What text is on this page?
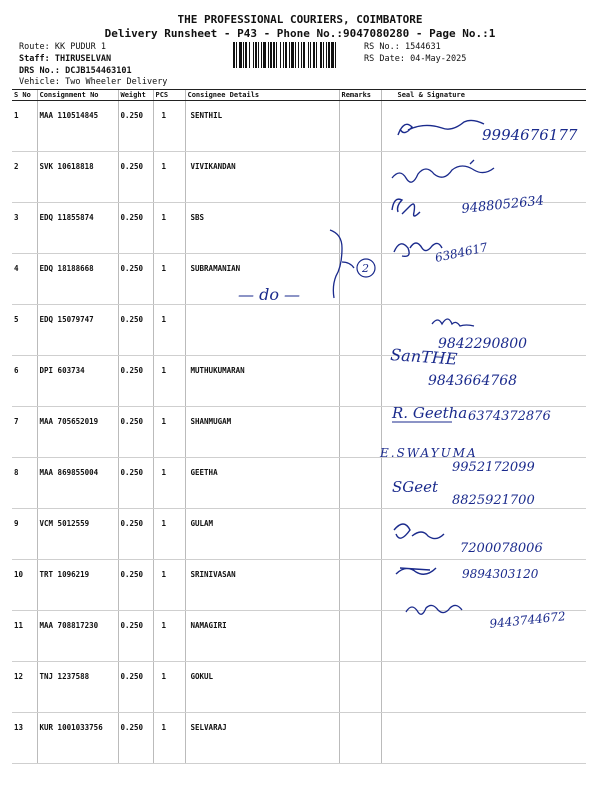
THE PROFESSIONAL COURIERS, COIMBATORE
Delivery Runsheet - P43 - Phone No.:9047080280 - Page No.:1
Route: KK PUDUR 1
Staff: THIRUSELVAN
DRS No.: DCJB154463101
Vehicle: Two Wheeler Delivery
RS No.: 1544631
RS Date: 04-May-2025
S No	Consignment No	Weight	PCS	Consignee Details	Remarks	Seal & Signature
1	MAA 110514845	0.250	1	SENTHIL		
2	SVK 10618818	0.250	1	VIVIKANDAN		
3	EDQ 11855874	0.250	1	SBS		
4	EDQ 18188668	0.250	1	SUBRAMANIAN		
5	EDQ 15079747	0.250	1			
6	DPI 603734	0.250	1	MUTHUKUMARAN		
7	MAA 705652019	0.250	1	SHANMUGAM		
8	MAA 869855004	0.250	1	GEETHA		
9	VCM 5012559	0.250	1	GULAM		
10	TRT 1096219	0.250	1	SRINIVASAN		
11	MAA 708817230	0.250	1	NAMAGIRI		
12	TNJ 1237588	0.250	1	GOKUL		
13	KUR 1001033756	0.250	1	SELVARAJ		
9994676177
9488052634
6384617
2
— do —
9842290800
SanTHE
9843664768
R. Geetha 6374372876
E.SWAYUMA
9952172099
SGeet
8825921700
7200078006
9894303120
9443744672
